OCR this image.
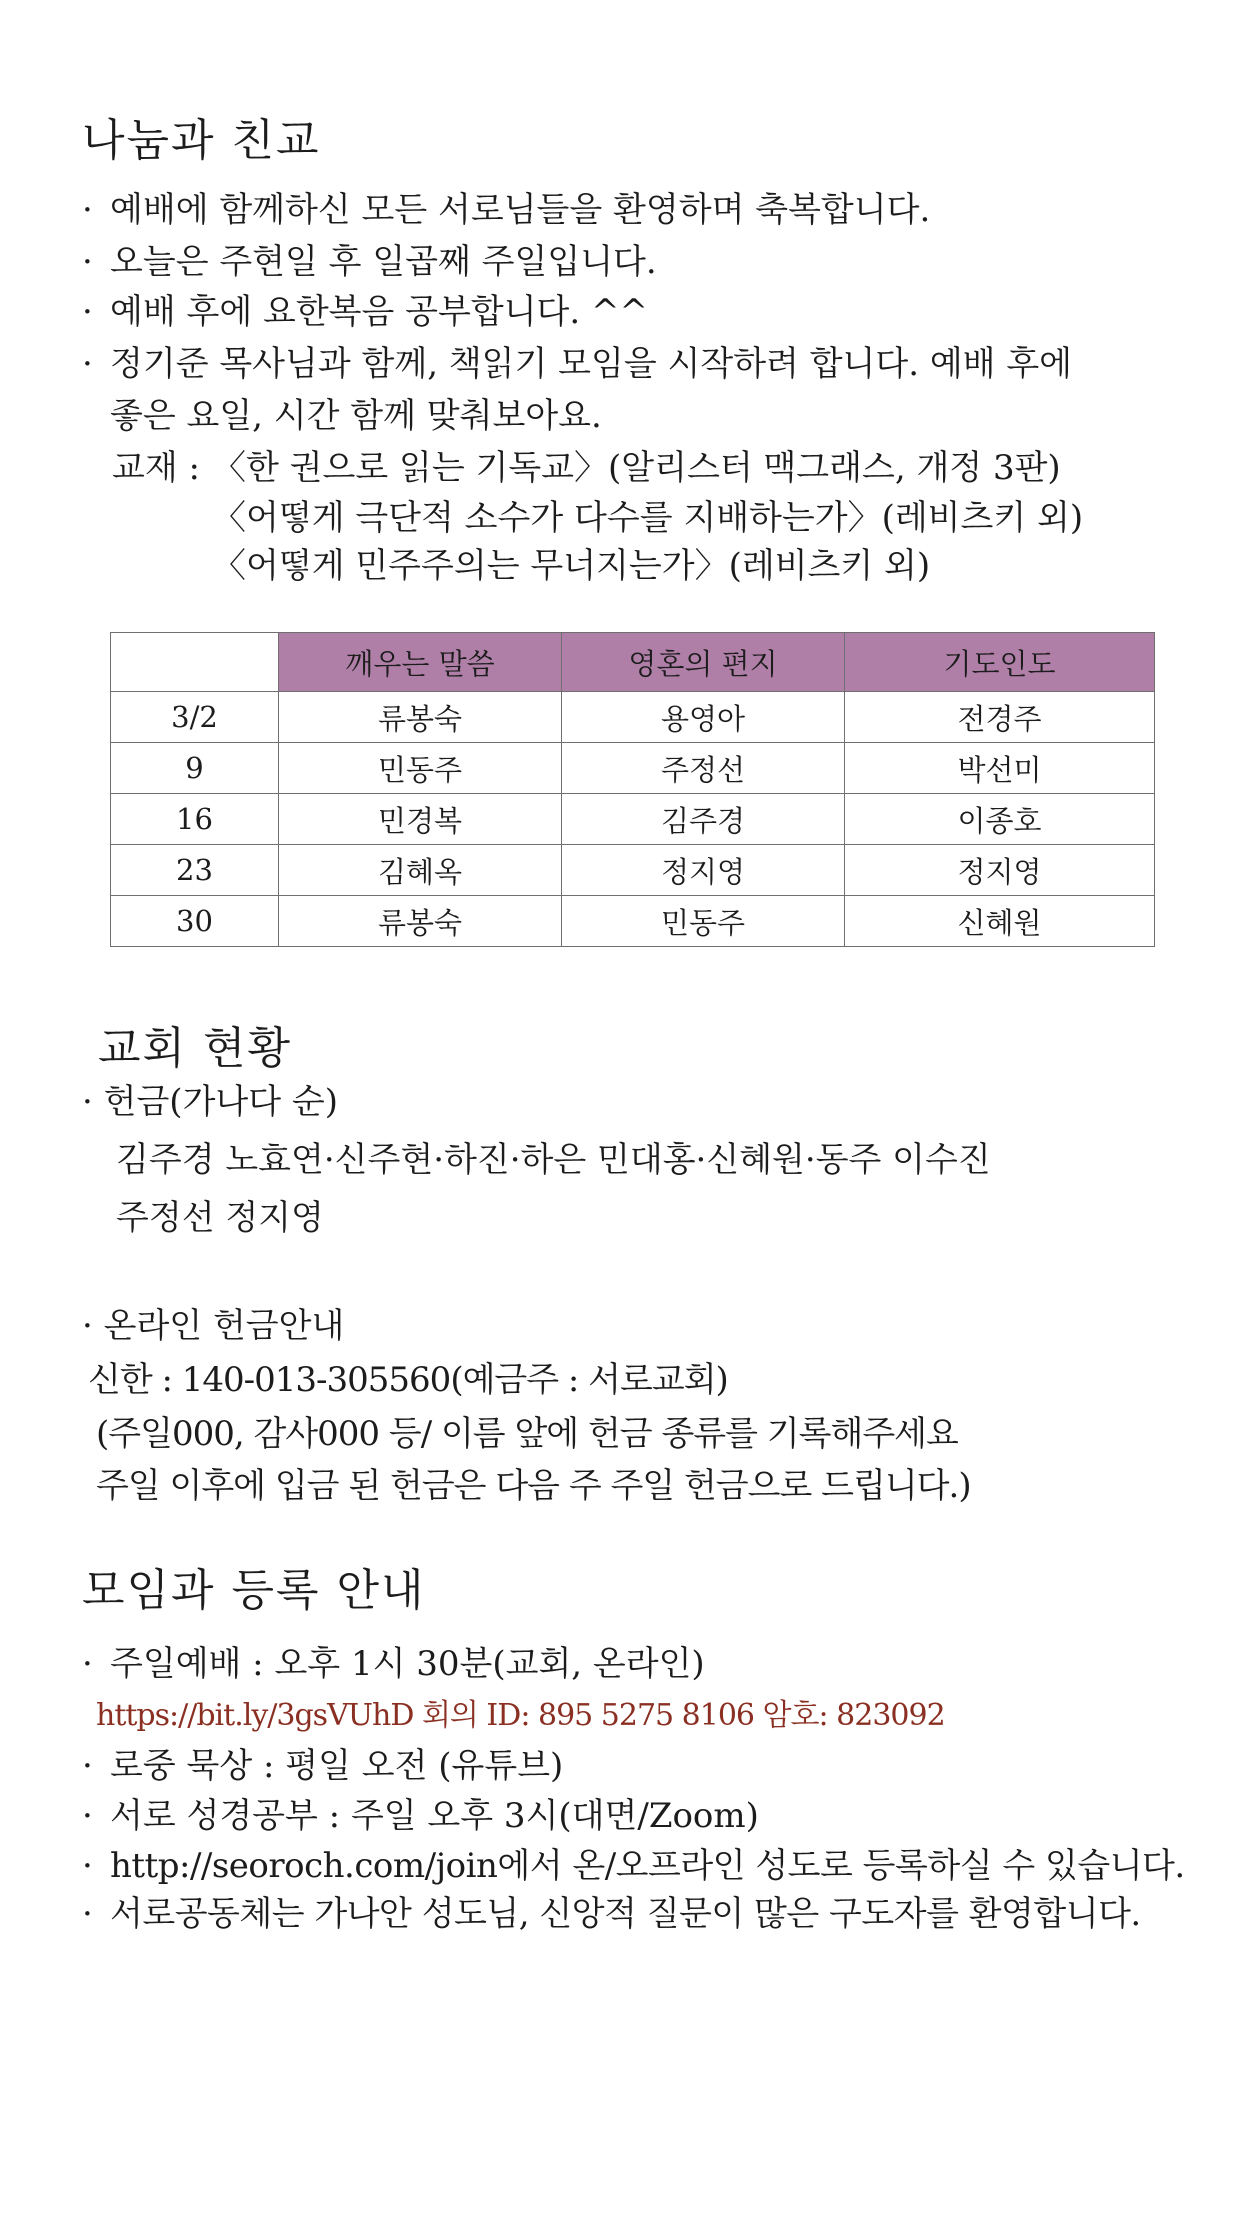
나눔과 친교
· 예배에 함께하신 모든 서로님들을 환영하며 축복합니다.
· 오늘은 주현일 후 일곱째 주일입니다.
· 예배 후에 요한복음 공부합니다. ^^
· 정기준 목사님과 함께, 책읽기 모임을 시작하려 합니다. 예배 후에
좋은 요일, 시간 함께 맞춰보아요.
교재 : 〈한 권으로 읽는 기독교〉(알리스터 맥그래스, 개정 3판)
〈어떻게 극단적 소수가 다수를 지배하는가〉(레비츠키 외)
〈어떻게 민주주의는 무너지는가〉(레비츠키 외)
	깨우는 말씀	영혼의 편지	기도인도
3/2	류봉숙	용영아	전경주
9	민동주	주정선	박선미
16	민경복	김주경	이종호
23	김혜옥	정지영	정지영
30	류봉숙	민동주	신혜원
교회 현황
· 헌금(가나다 순)
김주경 노효연·신주현·하진·하은 민대홍·신혜원·동주 이수진
주정선 정지영
· 온라인 헌금안내
신한 : 140-013-305560(예금주 : 서로교회)
(주일000, 감사000 등/ 이름 앞에 헌금 종류를 기록해주세요
주일 이후에 입금 된 헌금은 다음 주 주일 헌금으로 드립니다.)
모임과 등록 안내
· 주일예배 : 오후 1시 30분(교회, 온라인)
https://bit.ly/3gsVUhD 회의 ID: 895 5275 8106 암호: 823092
· 로중 묵상 : 평일 오전 (유튜브)
· 서로 성경공부 : 주일 오후 3시(대면/Zoom)
· http://seoroch.com/join에서 온/오프라인 성도로 등록하실 수 있습니다.
· 서로공동체는 가나안 성도님, 신앙적 질문이 많은 구도자를 환영합니다.
